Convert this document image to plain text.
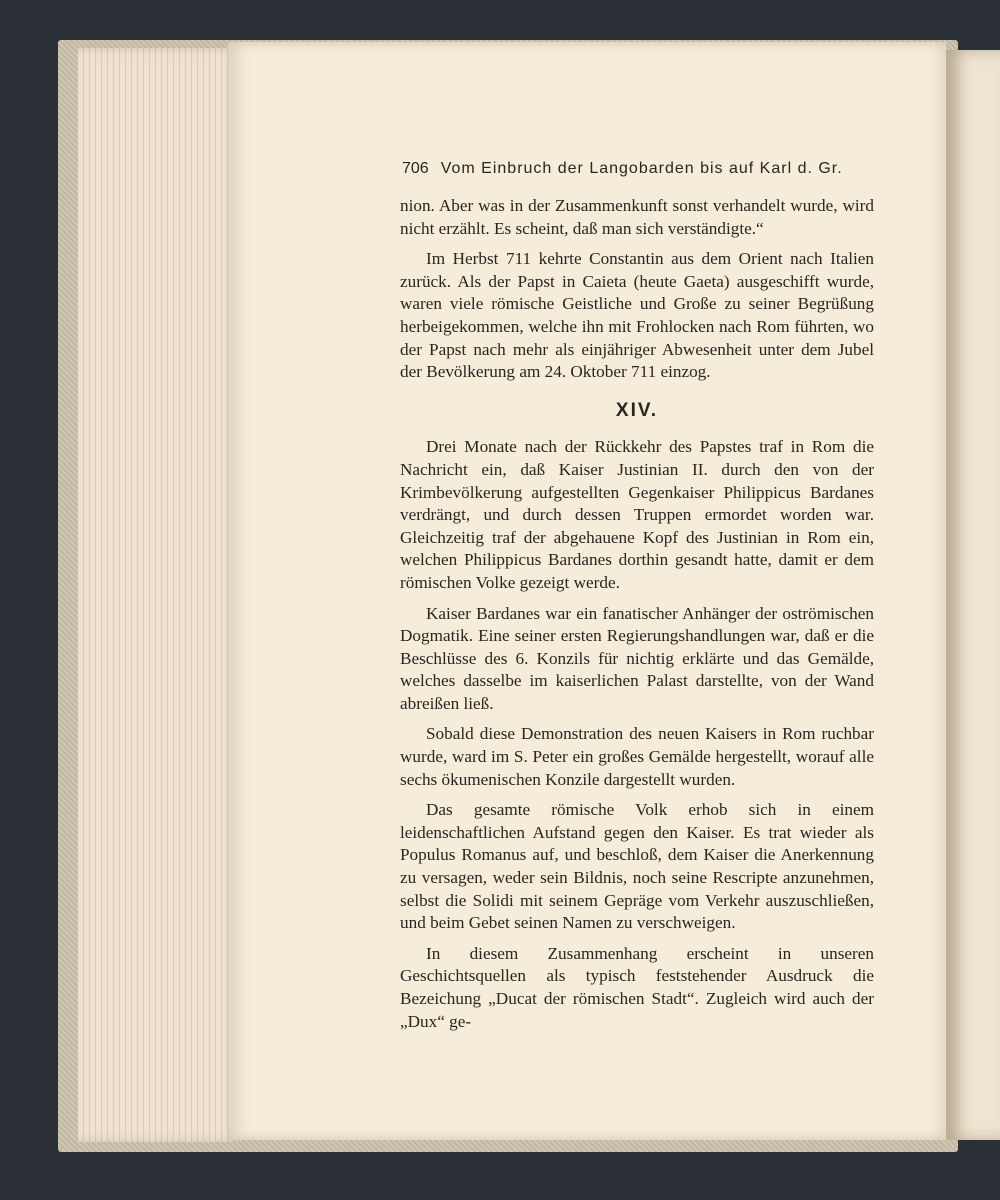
706 Vom Einbruch der Langobarden bis auf Karl d. Gr.

nion. Aber was in der Zusammenkunft sonst verhandelt wurde, wird nicht erzählt. Es scheint, daß man sich verständigte.“

Im Herbst 711 kehrte Constantin aus dem Orient nach Italien zurück. Als der Papst in Caieta (heute Gaeta) ausgeschifft wurde, waren viele römische Geistliche und Große zu seiner Begrüßung herbeigekommen, welche ihn mit Frohlocken nach Rom führten, wo der Papst nach mehr als einjähriger Abwesenheit unter dem Jubel der Bevölkerung am 24. Oktober 711 einzog.

XIV.

Drei Monate nach der Rückkehr des Papstes traf in Rom die Nachricht ein, daß Kaiser Justinian II. durch den von der Krimbevölkerung aufgestellten Gegenkaiser Philippicus Bardanes verdrängt, und durch dessen Truppen ermordet worden war. Gleichzeitig traf der abgehauene Kopf des Justinian in Rom ein, welchen Philippicus Bardanes dorthin gesandt hatte, damit er dem römischen Volke gezeigt werde.

Kaiser Bardanes war ein fanatischer Anhänger der oströmischen Dogmatik. Eine seiner ersten Regierungshandlungen war, daß er die Beschlüsse des 6. Konzils für nichtig erklärte und das Gemälde, welches dasselbe im kaiserlichen Palast darstellte, von der Wand abreißen ließ.

Sobald diese Demonstration des neuen Kaisers in Rom ruchbar wurde, ward im S. Peter ein großes Gemälde hergestellt, worauf alle sechs ökumenischen Konzile dargestellt wurden.

Das gesamte römische Volk erhob sich in einem leidenschaftlichen Aufstand gegen den Kaiser. Es trat wieder als Populus Romanus auf, und beschloß, dem Kaiser die Anerkennung zu versagen, weder sein Bildnis, noch seine Rescripte anzunehmen, selbst die Solidi mit seinem Gepräge vom Verkehr auszuschließen, und beim Gebet seinen Namen zu verschweigen.

In diesem Zusammenhang erscheint in unseren Geschichtsquellen als typisch feststehender Ausdruck die Bezeichung „Ducat der römischen Stadt“. Zugleich wird auch der „Dux“ ge-
